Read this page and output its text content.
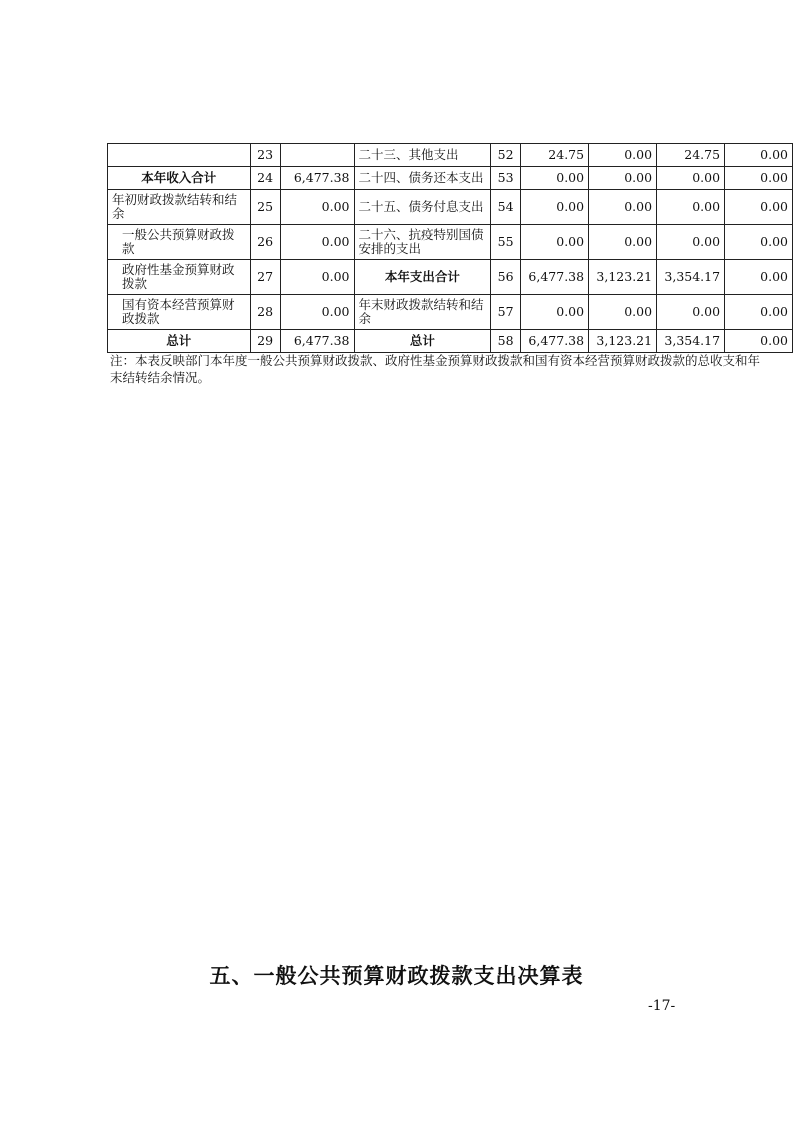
	23		二十三、其他支出	52	24.75	0.00	24.75	0.00
本年收入合计	24	6,477.38	二十四、债务还本支出	53	0.00	0.00	0.00	0.00
年初财政拨款结转和结余	25	0.00	二十五、债务付息支出	54	0.00	0.00	0.00	0.00
一般公共预算财政拨款	26	0.00	二十六、抗疫特别国债安排的支出	55	0.00	0.00	0.00	0.00
政府性基金预算财政拨款	27	0.00	本年支出合计	56	6,477.38	3,123.21	3,354.17	0.00
国有资本经营预算财政拨款	28	0.00	年末财政拨款结转和结余	57	0.00	0.00	0.00	0.00
总计	29	6,477.38	总计	58	6,477.38	3,123.21	3,354.17	0.00
注：本表反映部门本年度一般公共预算财政拨款、政府性基金预算财政拨款和国有资本经营预算财政拨款的总收支和年末结转结余情况。
五、一般公共预算财政拨款支出决算表
-17-
